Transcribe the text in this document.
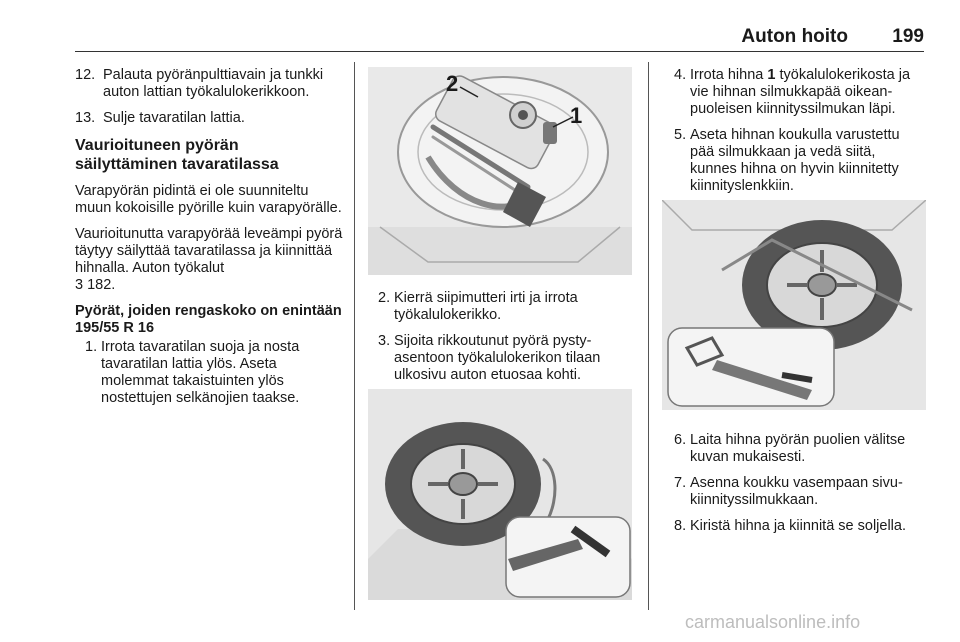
Auton hoito 199
12. Palauta pyöränpulttiavain ja tunkki auton lattian työkalulokerikkoon.
13. Sulje tavaratilan lattia.
Vaurioituneen pyörän säilyttäminen tavaratilassa

Varapyörän pidintä ei ole suunniteltu muun kokoisille pyörille kuin varapyörälle.

Vaurioitunutta varapyörää leveämpi pyörä täytyy säilyttää tavaratilassa ja kiinnittää hihnalla. Auton työkalut
3 182.

Pyörät, joiden rengaskoko on enintään 195/55 R 16
1. Irrota tavaratilan suoja ja nosta tavaratilan lattia ylös. Aseta molemmat takaistuinten ylös nostettujen selkänojien taakse.
2
1
2. Kierrä siipimutteri irti ja irrota työkalulokerikko.
3. Sijoita rikkoutunut pyörä pystyasentoon työkalulokerikon tilaan ulkosivu auton etuosaa kohti.
4. Irrota hihna 1 työkalulokerikosta ja vie hihnan silmukkapää oikeanpuoleisen kiinnityssilmukan läpi.
5. Aseta hihnan koukulla varustettu pää silmukkaan ja vedä siitä, kunnes hihna on hyvin kiinnitetty kiinnityslenkkiin.
6. Laita hihna pyörän puolien välitse kuvan mukaisesti.
7. Asenna koukku vasempaan sivukiinnityssilmukkaan.
8. Kiristä hihna ja kiinnitä se soljella.
carmanualsonline.info
